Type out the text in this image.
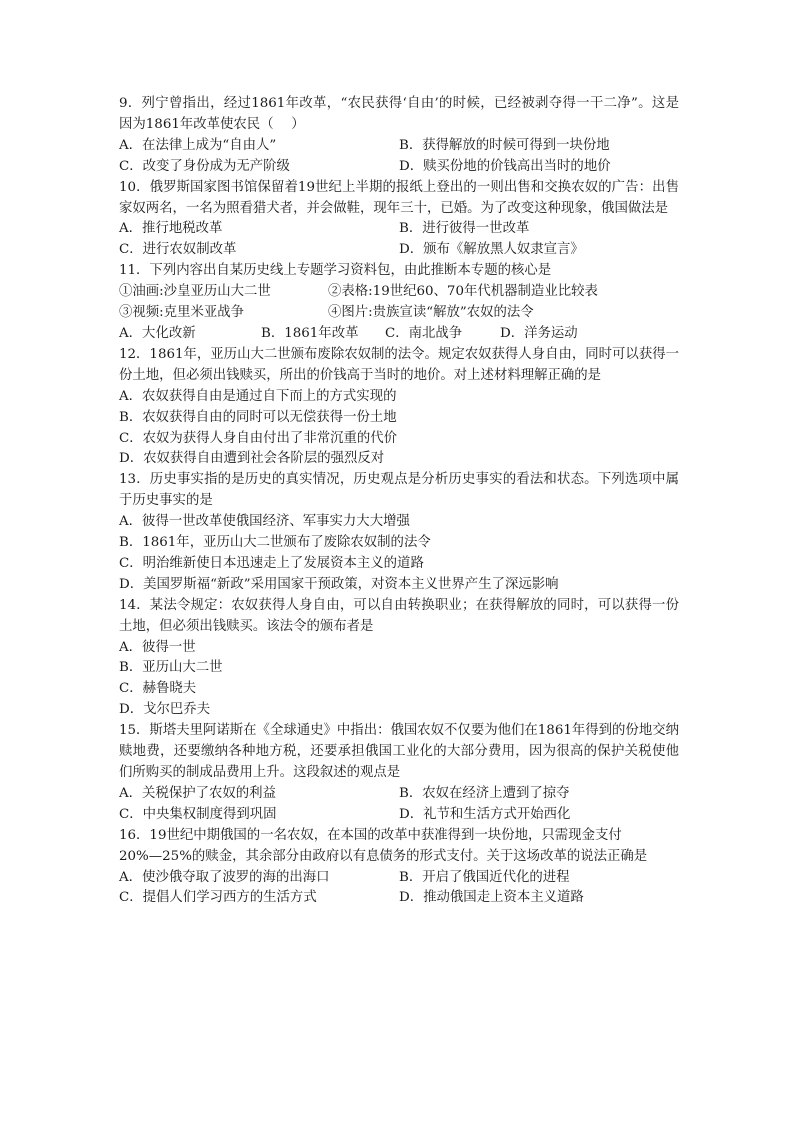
9．列宁曾指出，经过1861年改革，“农民获得‘自由’的时候，已经被剥夺得一干二净”。这是因为1861年改革使农民（　 ）

A．在法律上成为“自由人”	B．获得解放的时候可得到一块份地
C．改变了身份成为无产阶级	D．赎买份地的价钱高出当时的地价

10．俄罗斯国家图书馆保留着19世纪上半期的报纸上登出的一则出售和交换农奴的广告：出售家奴两名，一名为照看猎犬者，并会做鞋，现年三十，已婚。为了改变这种现象，俄国做法是

A．推行地税改革	B．进行彼得一世改革
C．进行农奴制改革	D．颁布《解放黑人奴隶宣言》

11．下列内容出自某历史线上专题学习资料包，由此推断本专题的核心是

①油画:沙皇亚历山大二世	②表格:19世纪60、70年代机器制造业比较表
③视频:克里米亚战争	④图片:贵族宣读“解放”农奴的法令
A．大化改新	B．1861年改革	C．南北战争	D．洋务运动

12．1861年，亚历山大二世颁布废除农奴制的法令。规定农奴获得人身自由，同时可以获得一份土地，但必须出钱赎买，所出的价钱高于当时的地价。对上述材料理解正确的是

A．农奴获得自由是通过自下而上的方式实现的

B．农奴获得自由的同时可以无偿获得一份土地

C．农奴为获得人身自由付出了非常沉重的代价

D．农奴获得自由遭到社会各阶层的强烈反对

13．历史事实指的是历史的真实情况，历史观点是分析历史事实的看法和状态。下列选项中属于历史事实的是

A．彼得一世改革使俄国经济、军事实力大大增强

B．1861年，亚历山大二世颁布了废除农奴制的法令

C．明治维新使日本迅速走上了发展资本主义的道路

D．美国罗斯福“新政”采用国家干预政策，对资本主义世界产生了深远影响

14．某法令规定：农奴获得人身自由，可以自由转换职业；在获得解放的同时，可以获得一份土地，但必须出钱赎买。该法令的颁布者是

A．彼得一世

B．亚历山大二世

C．赫鲁晓夫

D．戈尔巴乔夫

15．斯塔夫里阿诺斯在《全球通史》中指出：俄国农奴不仅要为他们在1861年得到的份地交纳赎地费，还要缴纳各种地方税，还要承担俄国工业化的大部分费用，因为很高的保护关税使他们所购买的制成品费用上升。这段叙述的观点是

A．关税保护了农奴的利益	B．农奴在经济上遭到了掠夺
C．中央集权制度得到巩固	D．礼节和生活方式开始西化

16．19世纪中期俄国的一名农奴，在本国的改革中获准得到一块份地，只需现金支付

20%—25%的赎金，其余部分由政府以有息债务的形式支付。关于这场改革的说法正确是

A．使沙俄夺取了波罗的海的出海口	B．开启了俄国近代化的进程
C．提倡人们学习西方的生活方式	D．推动俄国走上资本主义道路
